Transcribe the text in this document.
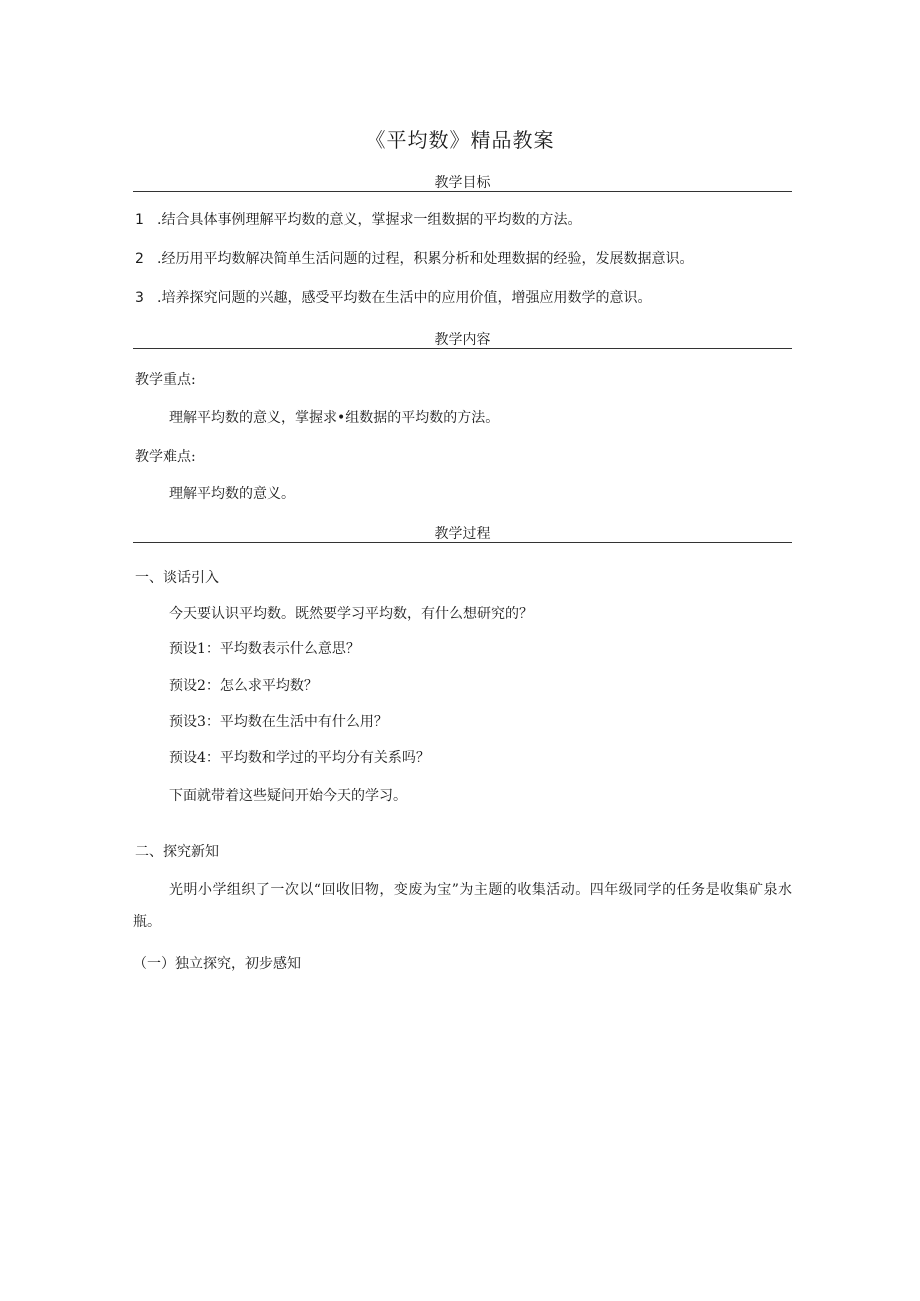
《平均数》精品教案
教学目标
1 .结合具体事例理解平均数的意义，掌握求一组数据的平均数的方法。
2 .经历用平均数解决简单生活问题的过程，积累分析和处理数据的经验，发展数据意识。
3 .培养探究问题的兴趣，感受平均数在生活中的应用价值，增强应用数学的意识。
教学内容
教学重点:
理解平均数的意义，掌握求•组数据的平均数的方法。
教学难点:
理解平均数的意义。
教学过程
一、谈话引入
今天要认识平均数。既然要学习平均数，有什么想研究的？
预设1：平均数表示什么意思？
预设2：怎么求平均数？
预设3：平均数在生活中有什么用？
预设4：平均数和学过的平均分有关系吗？
下面就带着这些疑问开始今天的学习。
二、探究新知
光明小学组织了一次以“回收旧物，变废为宝”为主题的收集活动。四年级同学的任务是收集矿泉水瓶。
（一）独立探究，初步感知
